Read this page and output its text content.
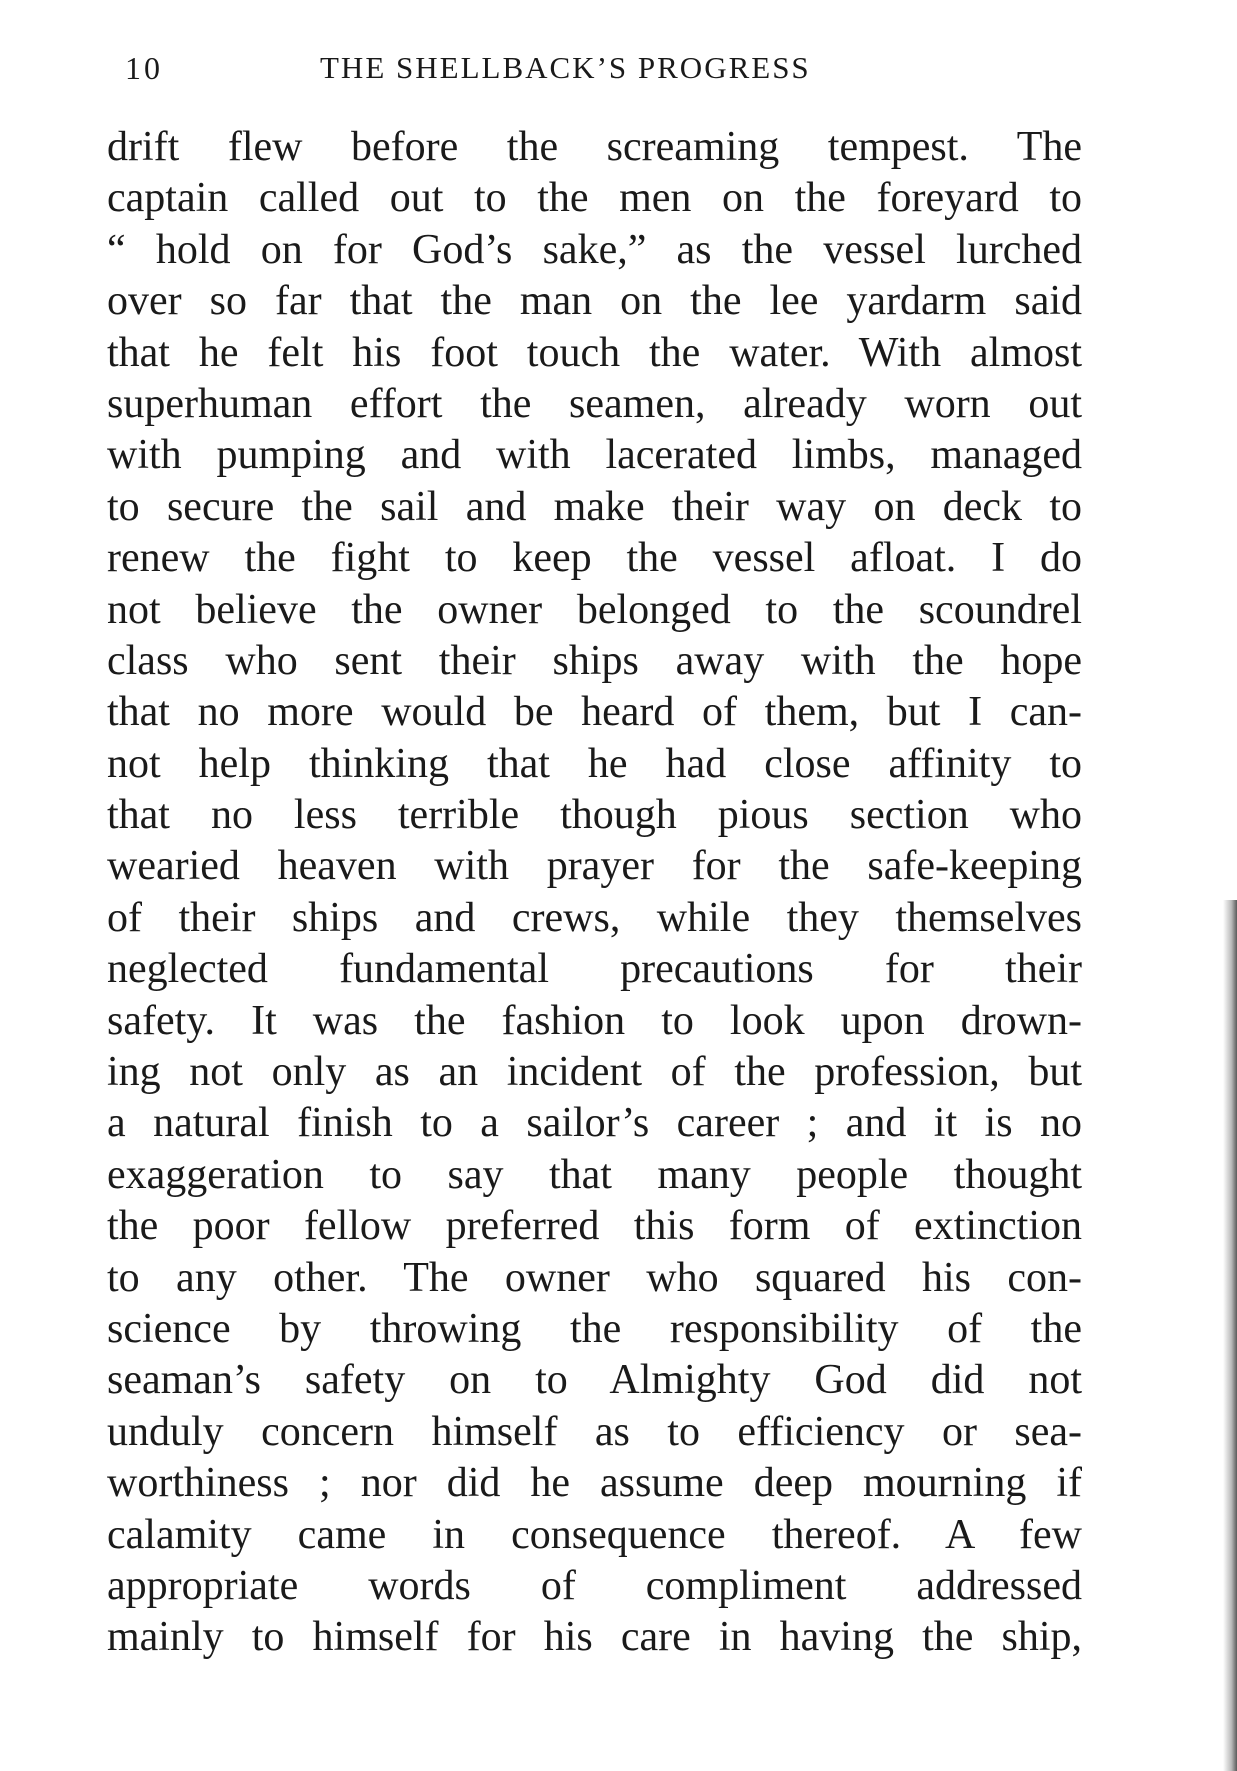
10	THE SHELLBACK’S PROGRESS
drift flew before the screaming tempest. The
captain called out to the men on the foreyard to
“ hold on for God’s sake,” as the vessel lurched
over so far that the man on the lee yardarm said
that he felt his foot touch the water. With almost
superhuman effort the seamen, already worn out
with pumping and with lacerated limbs, managed
to secure the sail and make their way on deck to
renew the fight to keep the vessel afloat. I do
not believe the owner belonged to the scoundrel
class who sent their ships away with the hope
that no more would be heard of them, but I can-
not help thinking that he had close affinity to
that no less terrible though pious section who
wearied heaven with prayer for the safe-keeping
of their ships and crews, while they themselves
neglected fundamental precautions for their
safety. It was the fashion to look upon drown-
ing not only as an incident of the profession, but
a natural finish to a sailor’s career ; and it is no
exaggeration to say that many people thought
the poor fellow preferred this form of extinction
to any other. The owner who squared his con-
science by throwing the responsibility of the
seaman’s safety on to Almighty God did not
unduly concern himself as to efficiency or sea-
worthiness ; nor did he assume deep mourning if
calamity came in consequence thereof. A few
appropriate words of compliment addressed
mainly to himself for his care in having the ship,
